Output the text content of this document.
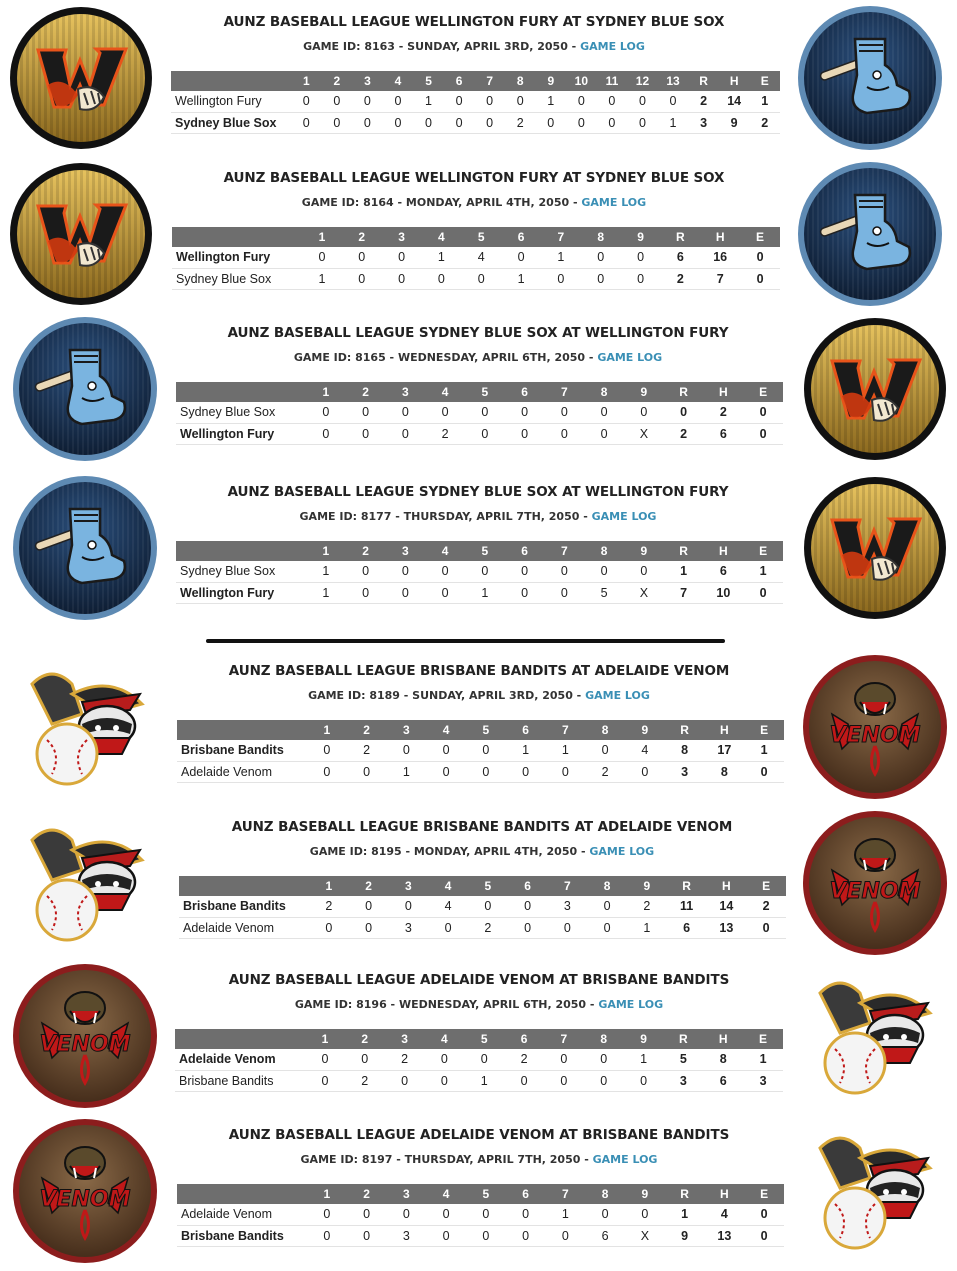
AUNZ BASEBALL LEAGUE WELLINGTON FURY AT SYDNEY BLUE SOX
GAME ID: 8163 - SUNDAY, APRIL 3RD, 2050 - GAME LOG
	1	2	3	4	5	6	7	8	9	10	11	12	13	R	H	E
Wellington Fury	0	0	0	0	1	0	0	0	1	0	0	0	0	2	14	1
Sydney Blue Sox	0	0	0	0	0	0	0	2	0	0	0	0	1	3	9	2
AUNZ BASEBALL LEAGUE WELLINGTON FURY AT SYDNEY BLUE SOX
GAME ID: 8164 - MONDAY, APRIL 4TH, 2050 - GAME LOG
	1	2	3	4	5	6	7	8	9	R	H	E
Wellington Fury	0	0	0	1	4	0	1	0	0	6	16	0
Sydney Blue Sox	1	0	0	0	0	1	0	0	0	2	7	0
AUNZ BASEBALL LEAGUE SYDNEY BLUE SOX AT WELLINGTON FURY
GAME ID: 8165 - WEDNESDAY, APRIL 6TH, 2050 - GAME LOG
	1	2	3	4	5	6	7	8	9	R	H	E
Sydney Blue Sox	0	0	0	0	0	0	0	0	0	0	2	0
Wellington Fury	0	0	0	2	0	0	0	0	X	2	6	0
AUNZ BASEBALL LEAGUE SYDNEY BLUE SOX AT WELLINGTON FURY
GAME ID: 8177 - THURSDAY, APRIL 7TH, 2050 - GAME LOG
	1	2	3	4	5	6	7	8	9	R	H	E
Sydney Blue Sox	1	0	0	0	0	0	0	0	0	1	6	1
Wellington Fury	1	0	0	0	1	0	0	5	X	7	10	0
AUNZ BASEBALL LEAGUE BRISBANE BANDITS AT ADELAIDE VENOM
GAME ID: 8189 - SUNDAY, APRIL 3RD, 2050 - GAME LOG
	1	2	3	4	5	6	7	8	9	R	H	E
Brisbane Bandits	0	2	0	0	0	1	1	0	4	8	17	1
Adelaide Venom	0	0	1	0	0	0	0	2	0	3	8	0
VENOM
AUNZ BASEBALL LEAGUE BRISBANE BANDITS AT ADELAIDE VENOM
GAME ID: 8195 - MONDAY, APRIL 4TH, 2050 - GAME LOG
	1	2	3	4	5	6	7	8	9	R	H	E
Brisbane Bandits	2	0	0	4	0	0	3	0	2	11	14	2
Adelaide Venom	0	0	3	0	2	0	0	0	1	6	13	0
VENOM
VENOM
AUNZ BASEBALL LEAGUE ADELAIDE VENOM AT BRISBANE BANDITS
GAME ID: 8196 - WEDNESDAY, APRIL 6TH, 2050 - GAME LOG
	1	2	3	4	5	6	7	8	9	R	H	E
Adelaide Venom	0	0	2	0	0	2	0	0	1	5	8	1
Brisbane Bandits	0	2	0	0	1	0	0	0	0	3	6	3
VENOM
AUNZ BASEBALL LEAGUE ADELAIDE VENOM AT BRISBANE BANDITS
GAME ID: 8197 - THURSDAY, APRIL 7TH, 2050 - GAME LOG
	1	2	3	4	5	6	7	8	9	R	H	E
Adelaide Venom	0	0	0	0	0	0	1	0	0	1	4	0
Brisbane Bandits	0	0	3	0	0	0	0	6	X	9	13	0
